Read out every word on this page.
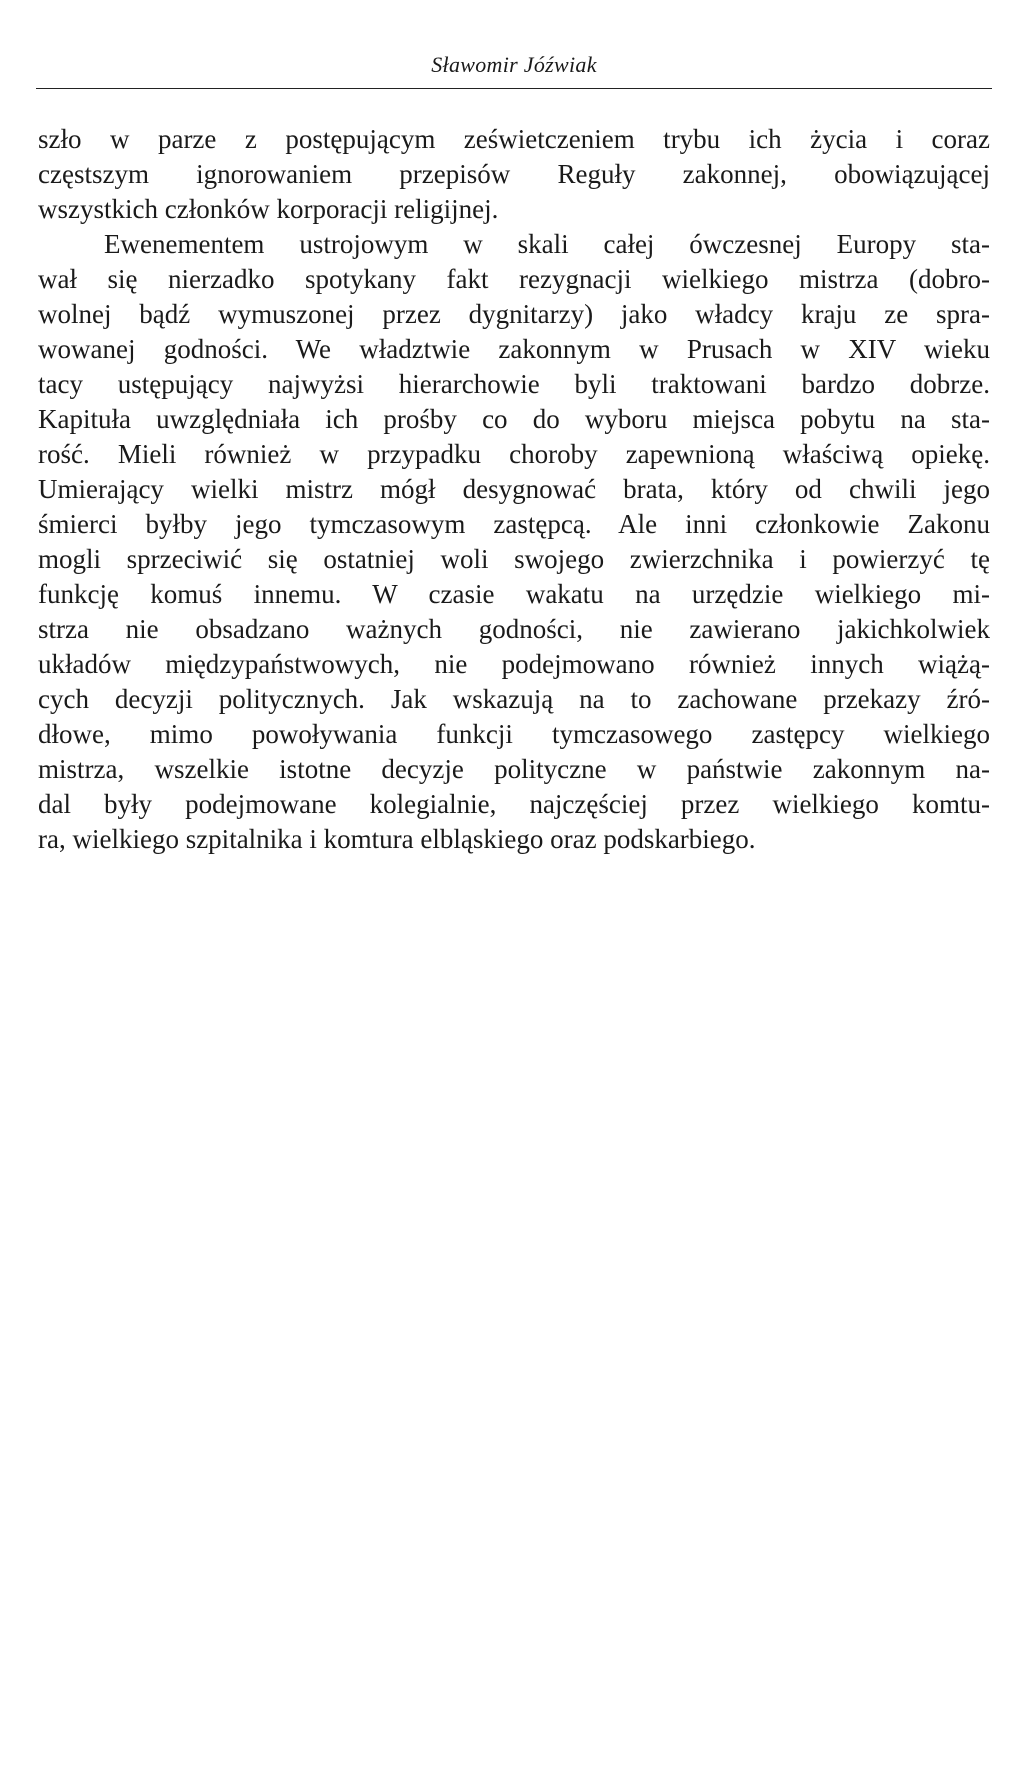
Sławomir Jóźwiak
szło w parze z postępującym ześwietczeniem trybu ich życia i coraz
częstszym ignorowaniem przepisów Reguły zakonnej, obowiązującej
wszystkich członków korporacji religijnej.
Ewenementem ustrojowym w skali całej ówczesnej Europy sta-
wał się nierzadko spotykany fakt rezygnacji wielkiego mistrza (dobro-
wolnej bądź wymuszonej przez dygnitarzy) jako władcy kraju ze spra-
wowanej godności. We władztwie zakonnym w Prusach w XIV wieku
tacy ustępujący najwyżsi hierarchowie byli traktowani bardzo dobrze.
Kapituła uwzględniała ich prośby co do wyboru miejsca pobytu na sta-
rość. Mieli również w przypadku choroby zapewnioną właściwą opiekę.
Umierający wielki mistrz mógł desygnować brata, który od chwili jego
śmierci byłby jego tymczasowym zastępcą. Ale inni członkowie Zakonu
mogli sprzeciwić się ostatniej woli swojego zwierzchnika i powierzyć tę
funkcję komuś innemu. W czasie wakatu na urzędzie wielkiego mi-
strza nie obsadzano ważnych godności, nie zawierano jakichkolwiek
układów międzypaństwowych, nie podejmowano również innych wiążą-
cych decyzji politycznych. Jak wskazują na to zachowane przekazy źró-
dłowe, mimo powoływania funkcji tymczasowego zastępcy wielkiego
mistrza, wszelkie istotne decyzje polityczne w państwie zakonnym na-
dal były podejmowane kolegialnie, najczęściej przez wielkiego komtu-
ra, wielkiego szpitalnika i komtura elbląskiego oraz podskarbiego.
